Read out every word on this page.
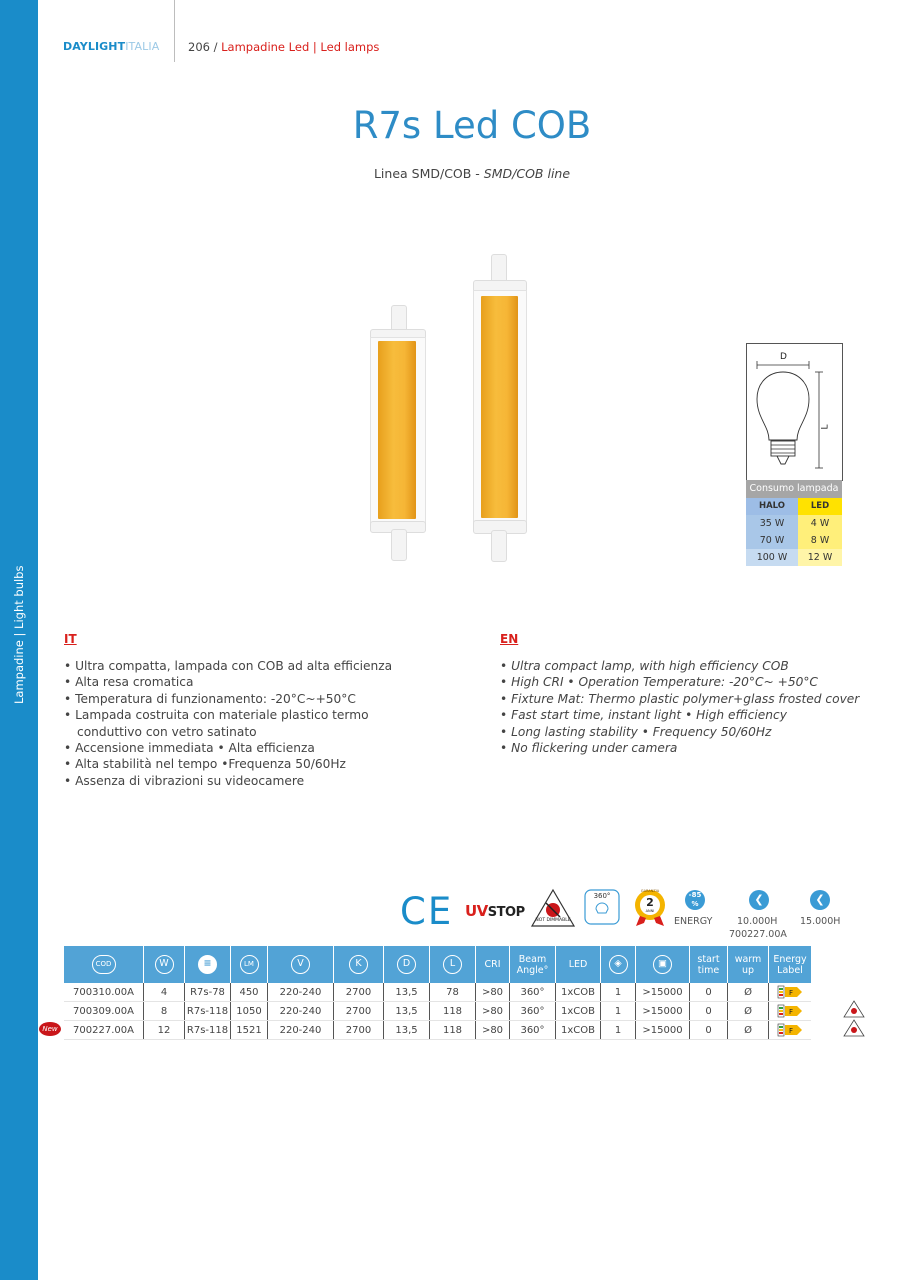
Lampadine | Light bulbs
DAYLIGHTITALIA 206 / Lampadine Led | Led lamps
R7s Led COB
Linea SMD/COB - SMD/COB line
D
L
Consumo lampada
HALO	LED
35 W	4 W
70 W	8 W
100 W	12 W
IT
• Ultra compatta, lampada con COB ad alta efficienza
• Alta resa cromatica
• Temperatura di funzionamento: -20°C~+50°C
• Lampada costruita con materiale plastico termo conduttivo con vetro satinato
• Accensione immediata • Alta efficienza
• Alta stabilità nel tempo •Frequenza 50/60Hz
• Assenza di vibrazioni su videocamere
EN
• Ultra compact lamp, with high efficiency COB
• High CRI • Operation Temperature: -20°C~ +50°C
• Fixture Mat: Thermo plastic polymer+glass frosted cover
• Fast start time, instant light • High efficiency
• Long lasting stability • Frequency 50/60Hz
• No flickering under camera
CE UVSTOP
NOT DIMMABLE
360°	2
ANNI
GARANZIA	-85
%
ENERGY
❮
10.000H
700227.00A
❮
15.000H
COD	W	≡	LM	V	K	D	L	CRI	Beam Angle°	LED	◈	▣	start time	warm up	Energy Label
700310.00A	4	R7s-78	450	220-240	2700	13,5	78	>80	360°	1xCOB	1	>15000	0	Ø	F

700309.00A	8	R7s-118	1050	220-240	2700	13,5	118	>80	360°	1xCOB	1	>15000	0	Ø	F

700227.00A	12	R7s-118	1521	220-240	2700	13,5	118	>80	360°	1xCOB	1	>15000	0	Ø	F
New
